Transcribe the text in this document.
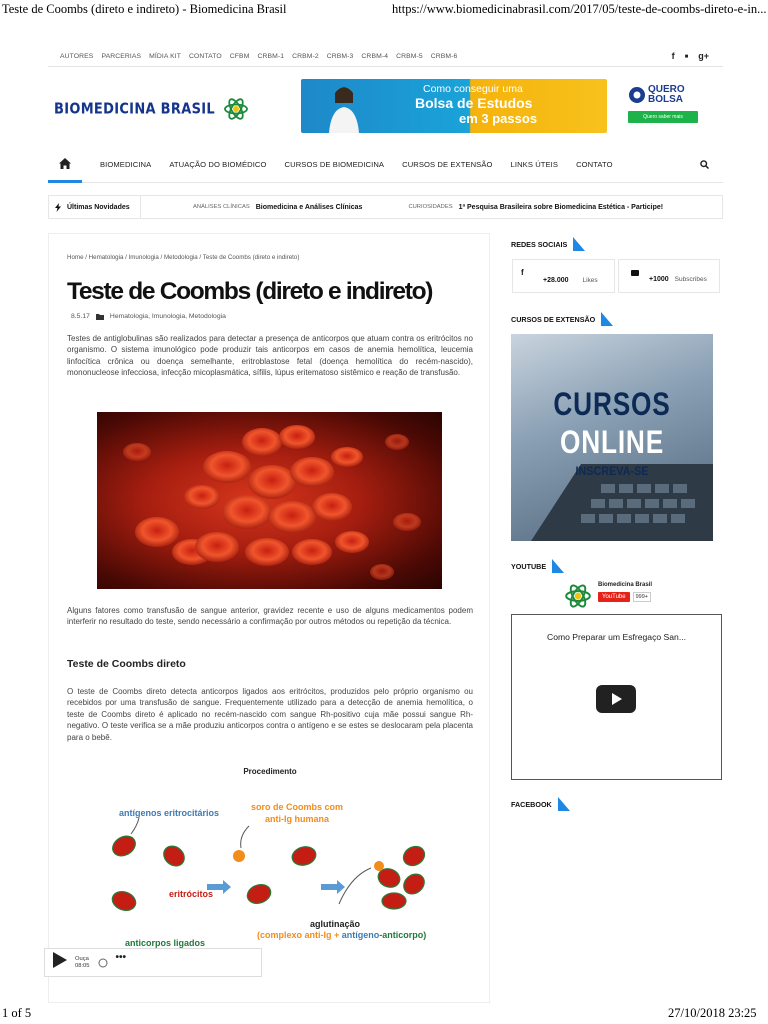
Teste de Coombs (direto e indireto) - Biomedicina Brasil	https://www.biomedicinabrasil.com/2017/05/teste-de-coombs-direto-e-in...
1 of 5	27/10/2018 23:25
AUTORES PARCERIAS MÍDIA KIT CONTATO CFBM CRBM-1 CRBM-2 CRBM-3 CRBM-4 CRBM-5 CRBM-6	f ■ g+
BIOMEDICINA BRASIL
Como conseguir uma
Bolsa de Estudos
em 3 passos
QUERO
BOLSA
Quero saber mais
BIOMEDICINA ATUAÇÃO DO BIOMÉDICO CURSOS DE BIOMEDICINA CURSOS DE EXTENSÃO LINKS ÚTEIS CONTATO
Últimas Novidades	ANÁLISES CLÍNICAS Biomedicina e Análises Clínicas	CURIOSIDADES 1ª Pesquisa Brasileira sobre Biomedicina Estética - Participe!
Home / Hematologia / Imunologia / Metodologia / Teste de Coombs (direto e indireto)
Teste de Coombs (direto e indireto)
8.5.17	Hematologia, Imunologia, Metodologia

Testes de antiglobulinas são realizados para detectar a presença de anticorpos que atuam contra os eritrócitos no organismo. O sistema imunológico pode produzir tais anticorpos em casos de anemia hemolítica, leucemia linfocítica crônica ou doença semelhante, eritroblastose fetal (doença hemolítica do recém-nascido), mononucleose infecciosa, infecção micoplasmática, sífilis, lúpus eritematoso sistêmico e reação de transfusão.

Alguns fatores como transfusão de sangue anterior, gravidez recente e uso de alguns medicamentos podem interferir no resultado do teste, sendo necessário a confirmação por outros métodos ou repetição da técnica.

Teste de Coombs direto

O teste de Coombs direto detecta anticorpos ligados aos eritrócitos, produzidos pelo próprio organismo ou recebidos por uma transfusão de sangue. Frequentemente utilizado para a detecção de anemia hemolítica, o teste de Coombs direto é aplicado no recém-nascido com sangue Rh-positivo cuja mãe possui sangue Rh-negativo. O teste verifica se a mãe produziu anticorpos contra o antígeno e se estes se deslocaram pela placenta para o bebê.

Procedimento
antígenos eritrocitários
soro de Coombs com
anti-Ig humana
eritrócitos
anticorpos ligados
aglutinação
(complexo anti-Ig + antígeno-anticorpo)
Ouça
08:05
•••
REDES SOCIAIS
f
+28.000 Likes	+1000 Subscribes
CURSOS DE EXTENSÃO
CURSOS
ONLINE
INSCREVA-SE
YOUTUBE
Biomedicina Brasil
YouTube	999+
Como Preparar um Esfregaço San...
FACEBOOK
